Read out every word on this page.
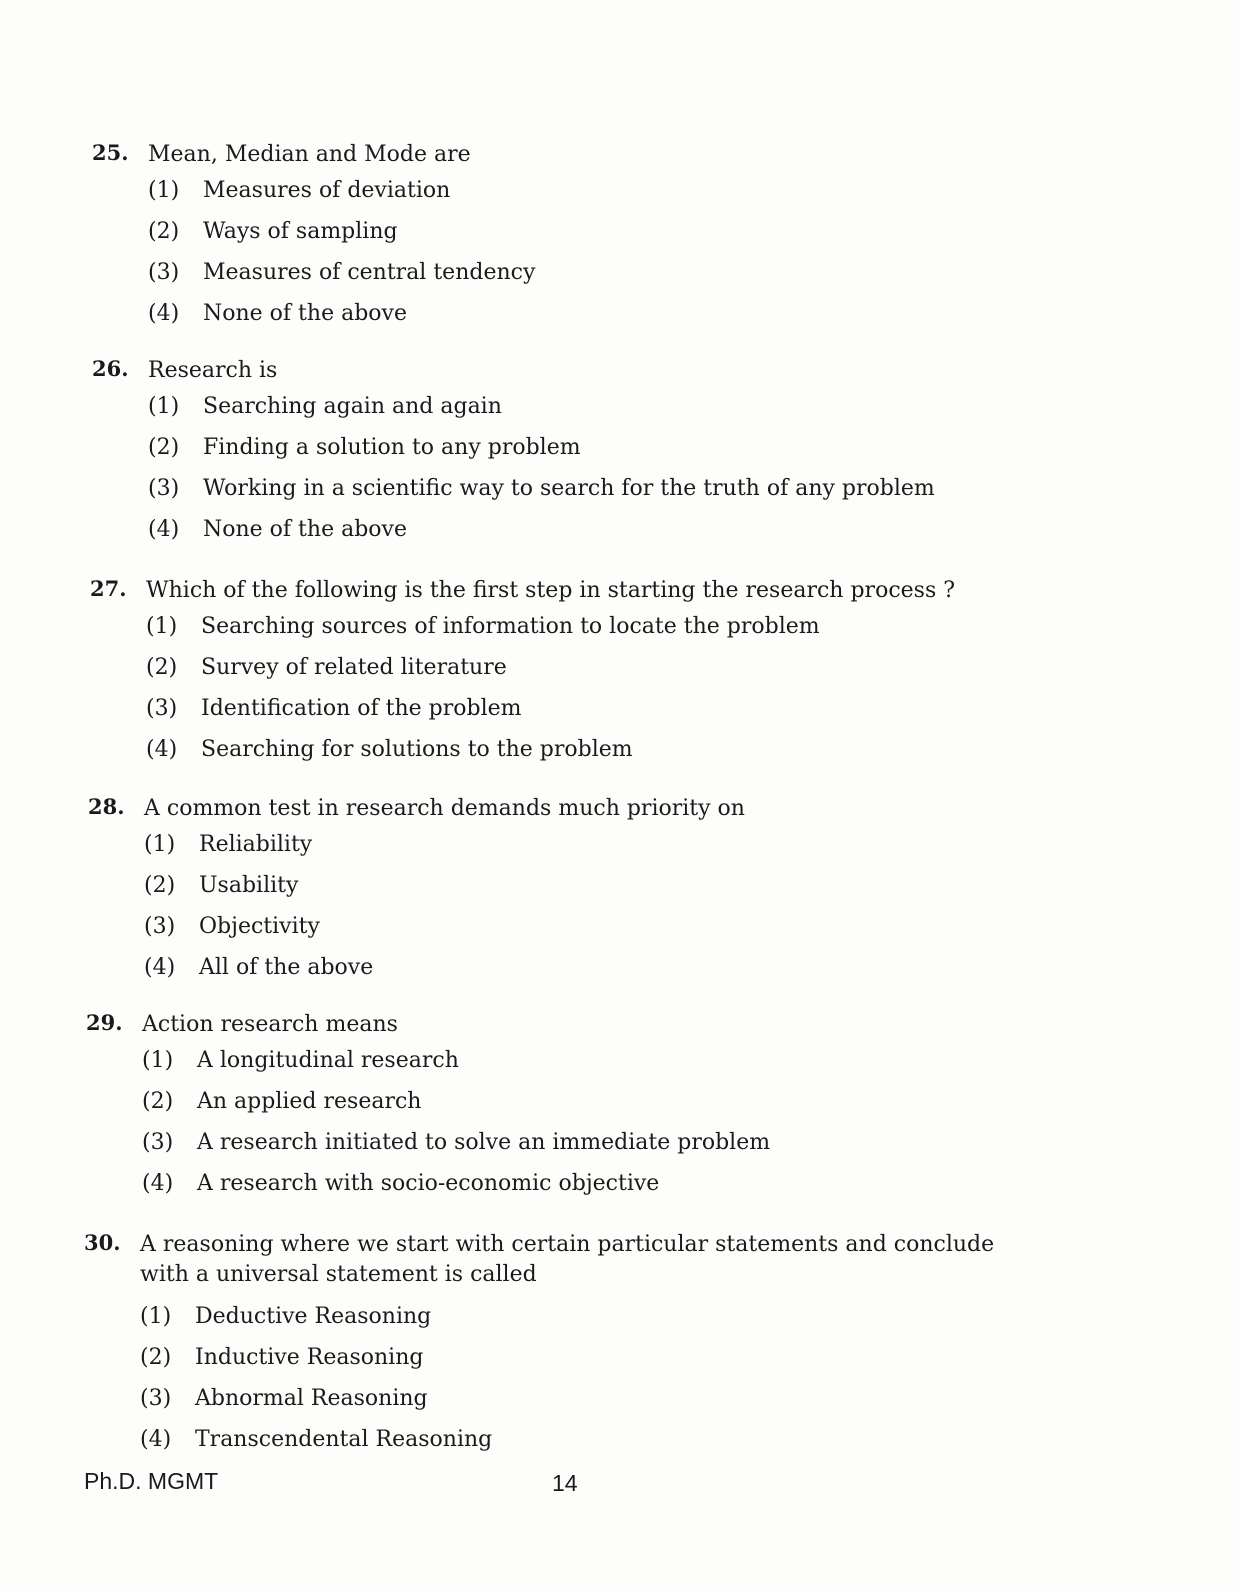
25. Mean, Median and Mode are
(1)	Measures of deviation
(2)	Ways of sampling
(3)	Measures of central tendency
(4)	None of the above
26. Research is
(1)	Searching again and again
(2)	Finding a solution to any problem
(3)	Working in a scientific way to search for the truth of any problem
(4)	None of the above
27. Which of the following is the first step in starting the research process ?
(1)	Searching sources of information to locate the problem
(2)	Survey of related literature
(3)	Identification of the problem
(4)	Searching for solutions to the problem
28. A common test in research demands much priority on
(1)	Reliability
(2)	Usability
(3)	Objectivity
(4)	All of the above
29. Action research means
(1)	A longitudinal research
(2)	An applied research
(3)	A research initiated to solve an immediate problem
(4)	A research with socio-economic objective
30. A reasoning where we start with certain particular statements and conclude with a universal statement is called
(1)	Deductive Reasoning
(2)	Inductive Reasoning
(3)	Abnormal Reasoning
(4)	Transcendental Reasoning
Ph.D. MGMT	14
